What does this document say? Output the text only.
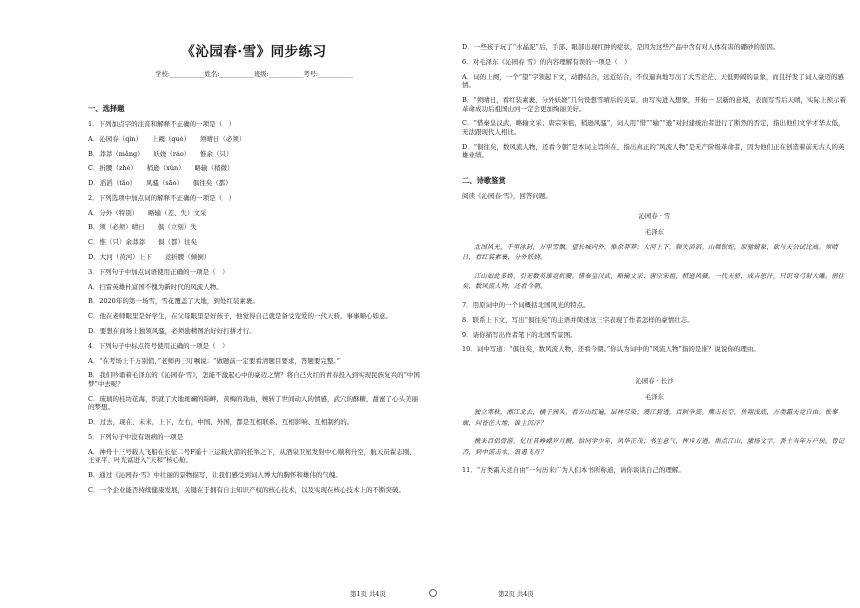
《沁园春·雪》同步练习
学校:___________姓名:___________班级:___________考号:___________
一、选择题
1．下列加点字的注音和解释不正确的一项是（　）
A．沁园春（qìn）　　上阙（què）　　须晴日（必须）
B．莽莽（mǎng）　　妖娆（ráo）　　惟余（只）
C．折腰（zhé）　　稍逊（xùn）　　略输（稍微）
D．滔滔（tāo）　　风骚（sāo）　　俱往矣（都）
2．下列选项中加点词的解释不正确的一项是（　）
A．分外（特别）　　略输（差、失）文采
B．须（必须）晴日　　俱（立刻）失
C．惟（只）余莽莽　　俱（都）往矣
D．大河（黄河）上下　　竞折腰（倾倒）
3．下列句子中加点词语使用正确的一项是（　）
A．扫雷英雄杜富国不愧为新时代的风流人物。
B．2020年的第一场雪，雪花覆盖了大地，到处红装素裹。
C．他在老师眼里是好学生，在父母眼里是好孩子，他觉得自己就是备受宠爱的一代天骄，事事顺心如意。
D．要想在商场上独领风骚，必须励精图治好好打拼才行。
4．下列句子中标点符号使用正确的一项是（　）
A．“在考场上千万别慌，”老师再三叮嘱说：“做题前一定要看清题目要求，答题要完整。”
B．我们吟诵着毛泽东的《沁园春·雪》，怎能不激起心中的豪迈之情？将自己火红的青春投入到实现民族复兴的“中国梦”中去呢？
C．琉璃的桂坊花海，织就了大地斑斓的锦衅，黄梅的戏曲，婉转了世间动人的情感，武穴的酥糖，甜蜜了心头美丽的梦想。
D．过去，现在、未来，上下、左右，中国、外国，都是互相联系、互相影响、互相制约的。
5．下列句子中没有语病的一项是
A．神舟十三号载人飞船在长征二号F遥十三运载火箭的托举之下，从酒泉卫星发射中心顺利升空，航天员翟志刚、王亚平、叶光富进入“天和”核心舱。
B．通过《沁园春·雪》中壮丽的景物描写，让我们感受到词人博大的胸怀和雄伟的气魄。
C．一个企业能否持续健康发展，关键在于拥有自主知识产权的核心技术，以及实现在核心技术上的不断突破。
第1页 共4页
D．一些孩子玩了“水晶泥”后，手部、眼部出现红肿的症状，是因为这些产品中含有对人体有害的硼砂的原因。
6．对毛泽东《沁园春 雪》的内容理解有误的一项是（　）
A．词的上阕，一个“望”字领起下文，动静结合，远近结合，不仅逼真地写出了大雪茫茫、天低野阔的景象，而且抒发了词人豪迈的感情。
B．“须晴日，看红装素裹，分外妖娆”几句设想雪晴后的美景，由写实进入想象，开拓一 层新的意境，表面写雪后天晴，实际上预示着革命成功后祖国山河一定会更加绚丽美好。
C．“惜秦皇汉武，略输文采；唐宗宋祖，稍逊风骚”，词人用“惜”“输”“逊”对封建统治者进行了断然的否定，指出他们文学才华太低，无法跟现代人相比。
D．“俱往矣，数风流人物，还看今朝”是本词主旨所在，指出真正的“风流人物”是无产阶级革命者，因为他们正在创造着前无古人的英雄业绩。
二、诗歌鉴赏
阅读《沁园春·雪》，回答问题。
沁园春 · 雪
毛泽东
北国风光，千里冰封，万里雪飘。望长城内外，惟余莽莽；大河上下，顿失滔滔。山舞银蛇，原驰蜡象，欲与天公试比高。须晴日，看红装素裹，分外妖娆。
江山如此多娇，引无数英雄竞折腰。惜秦皇汉武，略输文采；唐宗宋祖，稍逊风骚。一代天骄，成吉思汗，只识弯弓射大雕。俱往矣，数风流人物，还看今朝。
7．用原词中的一个词概括北国风光的特点。
8．联系上下文，写出“俱往矣”的主语并简述这三字表现了作者怎样的豪情壮志。
9．请你描写出作者笔下的北国雪景图。
10．词中写道：“俱往矣，数风流人物，还看今朝。”你认为词中的“风流人物”指的是谁？说说你的理由。
沁园春 · 长沙
毛泽东
独立寒秋，湘江北去，橘子洲头。看万山红遍，层林尽染；漫江碧透，百舸争流。鹰击长空，鱼翔浅底，万类霜天竞自由。怅寥廓，问苍茫大地，谁主沉浮？
携来百侣曾游，忆往昔峥嵘岁月稠。恰同学少年，风华正茂；书生意气，挥斥方遒。指点江山，激扬文字，粪土当年万户侯。曾记否，到中流击水，浪遏飞舟？
11．“万类霜天竞自由”一句历来广为人们本书所称道，请你谈谈自己的理解。
第2页 共4页
